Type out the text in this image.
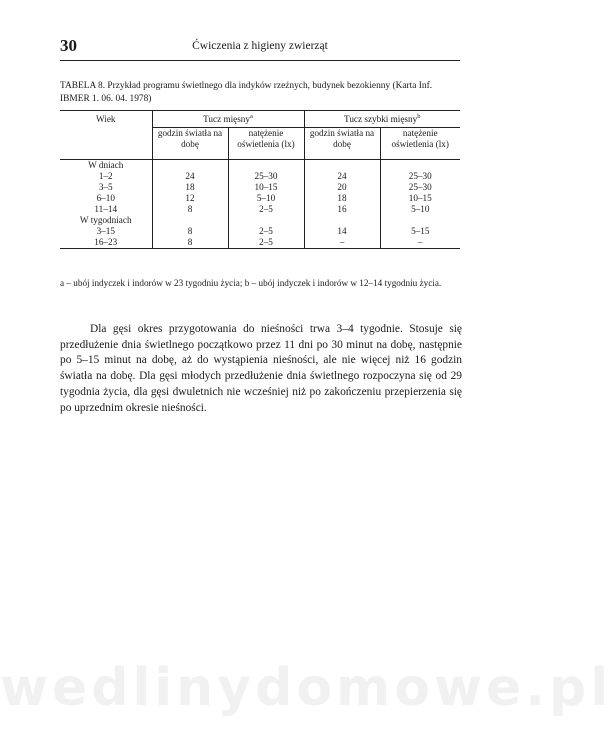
30	Ćwiczenia z higieny zwierząt
TABELA 8. Przykład programu świetlnego dla indyków rzeźnych, budynek bezokienny (Karta Inf. IBMER 1. 06. 04. 1978)
Wiek	Tucz mięsny$^a$		Tucz szybki mięsny$^b$
	godzin światła na dobę	natężenie oświetlenia (lx)	godzin światła na dobę	natężenie oświetlenia (lx)
W dniach				
1–2	24	25–30	24	25–30
3–5	18	10–15	20	25–30
6–10	12	5–10	18	10–15
11–14	8	2–5	16	5–10
W tygodniach				
3–15	8	2–5	14	5–15
16–23	8	2–5	–	–
a – ubój indyczek i indorów w 23 tygodniu życia; b – ubój indyczek i indorów w 12–14 tygodniu życia.

Dla gęsi okres przygotowania do nieśności trwa 3–4 tygodnie. Stosuje się przedłużenie dnia świetlnego początkowo przez 11 dni po 30 minut na dobę, następnie po 5–15 minut na dobę, aż do wystąpienia nieśności, ale nie więcej niż 16 godzin światła na dobę. Dla gęsi młodych przedłużenie dnia świetlnego rozpoczyna się od 29 tygodnia życia, dla gęsi dwuletnich nie wcześniej niż po zakończeniu przepierzenia się po uprzednim okresie nieśności.

wedlinydomowe.pl
